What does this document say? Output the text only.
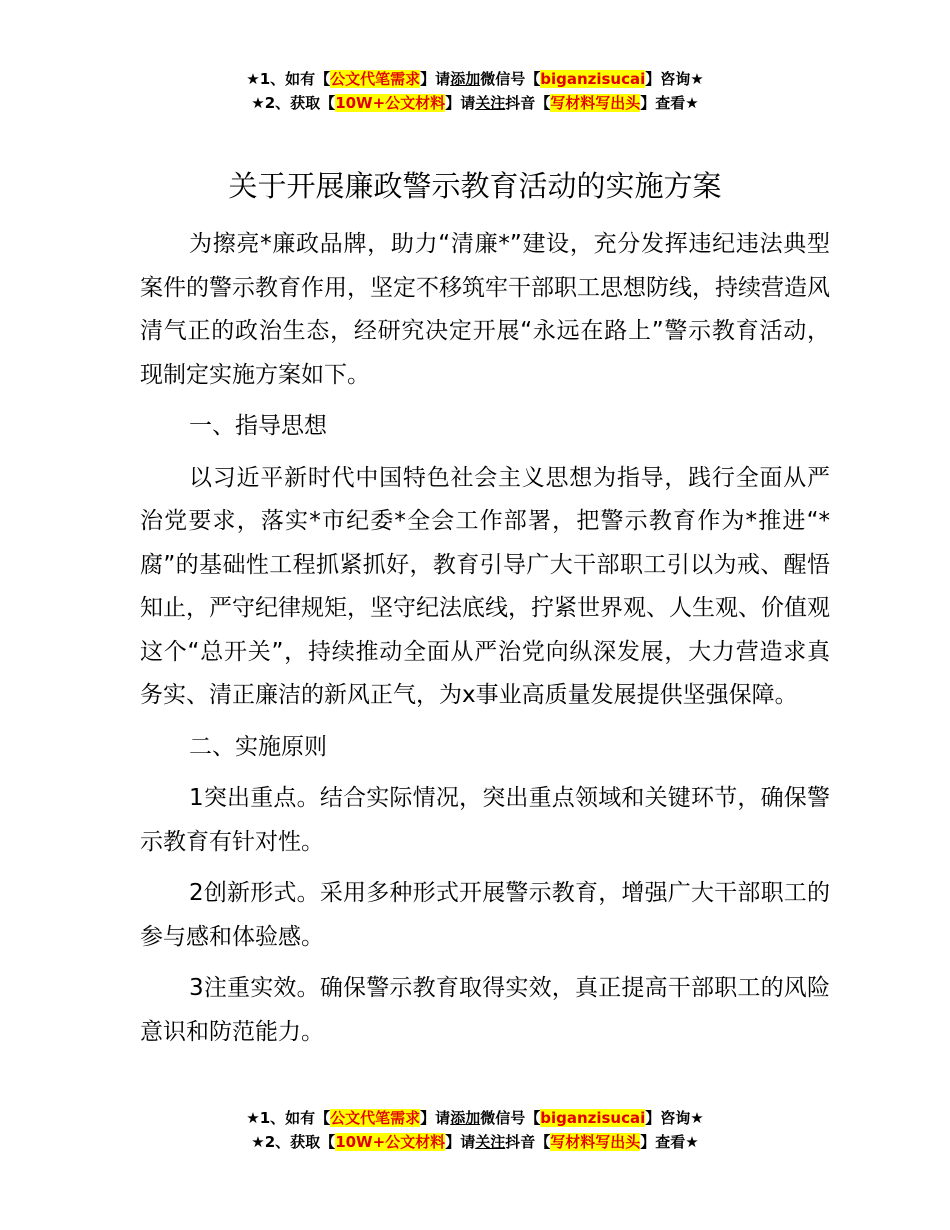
★1、如有【公文代笔需求】请添加微信号【biganzisucai】咨询★
★2、获取【10W+公文材料】请关注抖音【写材料写出头】查看★
关于开展廉政警示教育活动的实施方案

为擦亮*廉政品牌，助力“清廉*”建设，充分发挥违纪违法典型案件的警示教育作用，坚定不移筑牢干部职工思想防线，持续营造风清气正的政治生态，经研究决定开展“永远在路上”警示教育活动，现制定实施方案如下。

一、指导思想

以习近平新时代中国特色社会主义思想为指导，践行全面从严治党要求，落实*市纪委*全会工作部署，把警示教育作为*推进“*腐”的基础性工程抓紧抓好，教育引导广大干部职工引以为戒、醒悟知止，严守纪律规矩，坚守纪法底线，拧紧世界观、人生观、价值观这个“总开关”，持续推动全面从严治党向纵深发展，大力营造求真务实、清正廉洁的新风正气，为x事业高质量发展提供坚强保障。

二、实施原则

1突出重点。结合实际情况，突出重点领域和关键环节，确保警示教育有针对性。

2创新形式。采用多种形式开展警示教育，增强广大干部职工的参与感和体验感。

3注重实效。确保警示教育取得实效，真正提高干部职工的风险意识和防范能力。

★1、如有【公文代笔需求】请添加微信号【biganzisucai】咨询★
★2、获取【10W+公文材料】请关注抖音【写材料写出头】查看★
